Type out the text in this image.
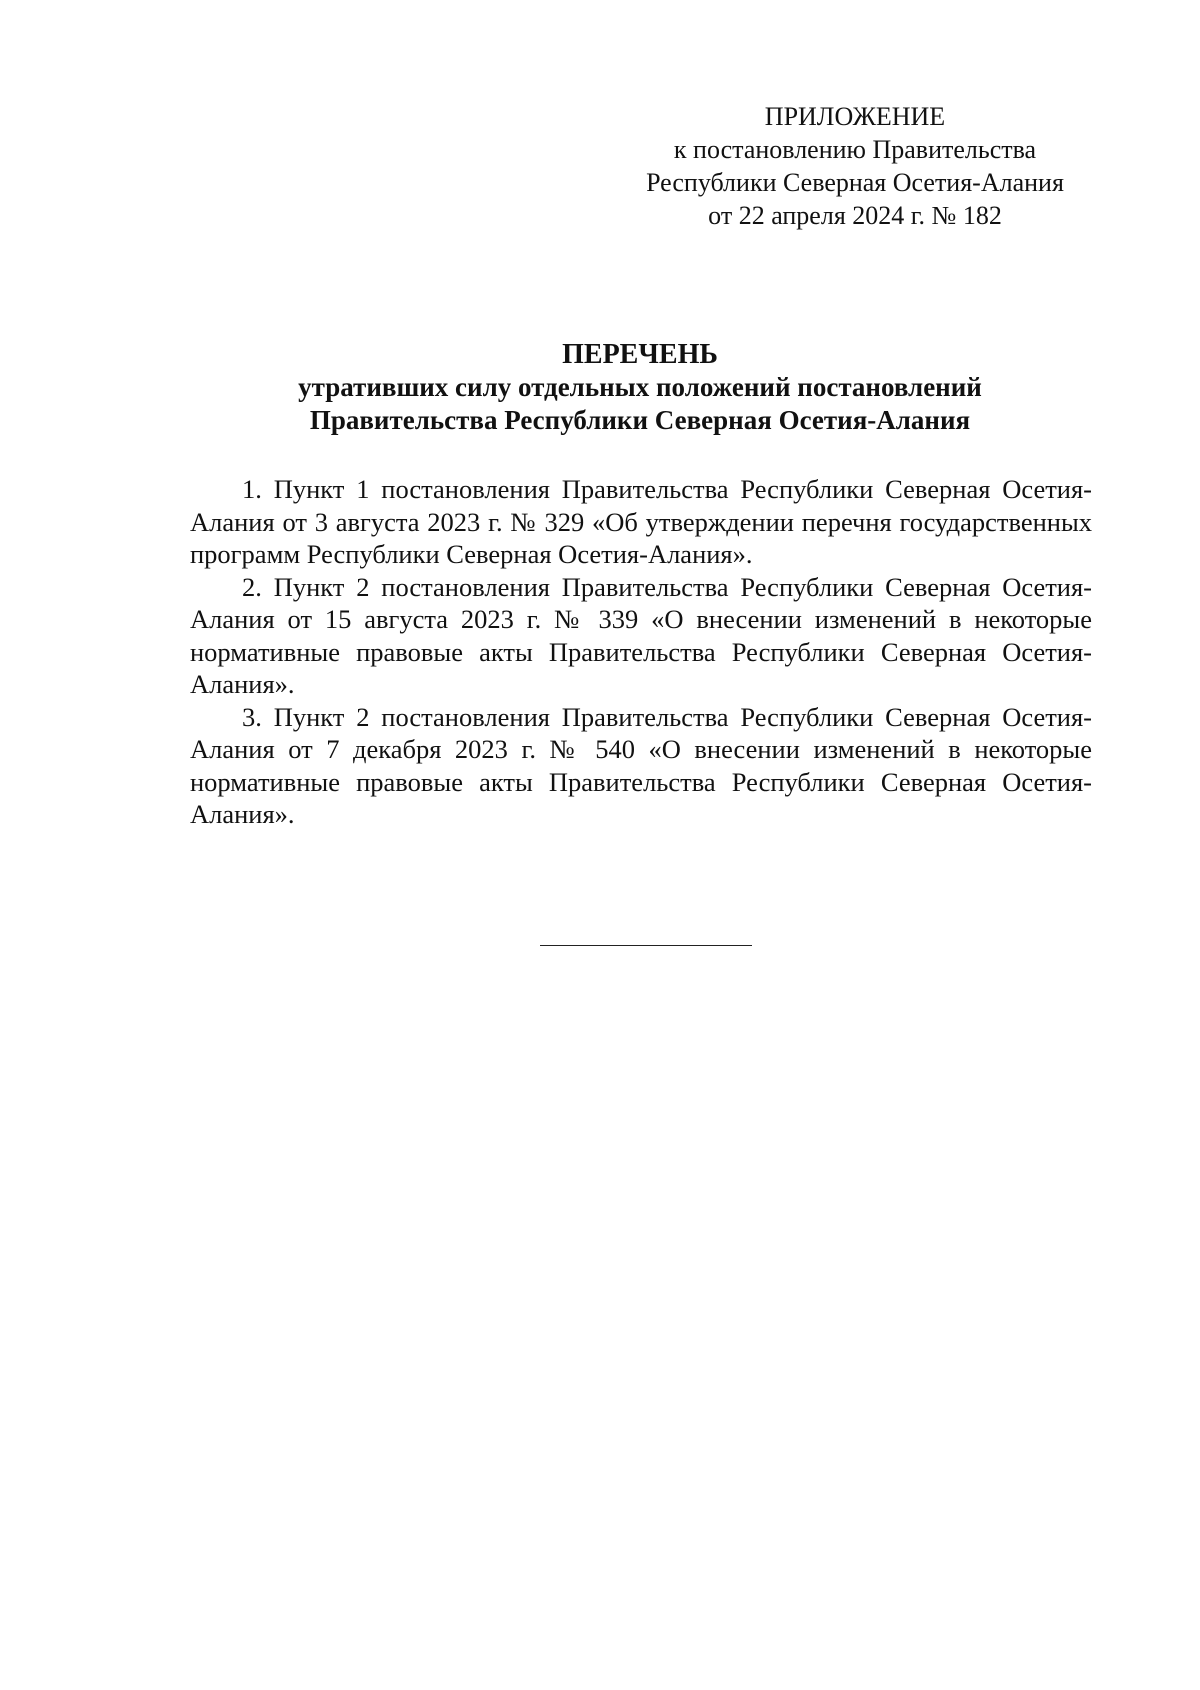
ПРИЛОЖЕНИЕ
к постановлению Правительства
Республики Северная Осетия-Алания
от 22 апреля 2024 г. № 182
ПЕРЕЧЕНЬ
утративших силу отдельных положений постановлений
Правительства Республики Северная Осетия-Алания

1. Пункт 1 постановления Правительства Республики Северная Осетия-Алания от 3 августа 2023 г. № 329 «Об утверждении перечня государственных программ Республики Северная Осетия-Алания».

2. Пункт 2 постановления Правительства Республики Северная Осетия-Алания от 15 августа 2023 г. № 339 «О внесении изменений в некоторые нормативные правовые акты Правительства Республики Северная Осетия-Алания».

3. Пункт 2 постановления Правительства Республики Северная Осетия-Алания от 7 декабря 2023 г. № 540 «О внесении изменений в некоторые нормативные правовые акты Правительства Республики Северная Осетия-Алания».
